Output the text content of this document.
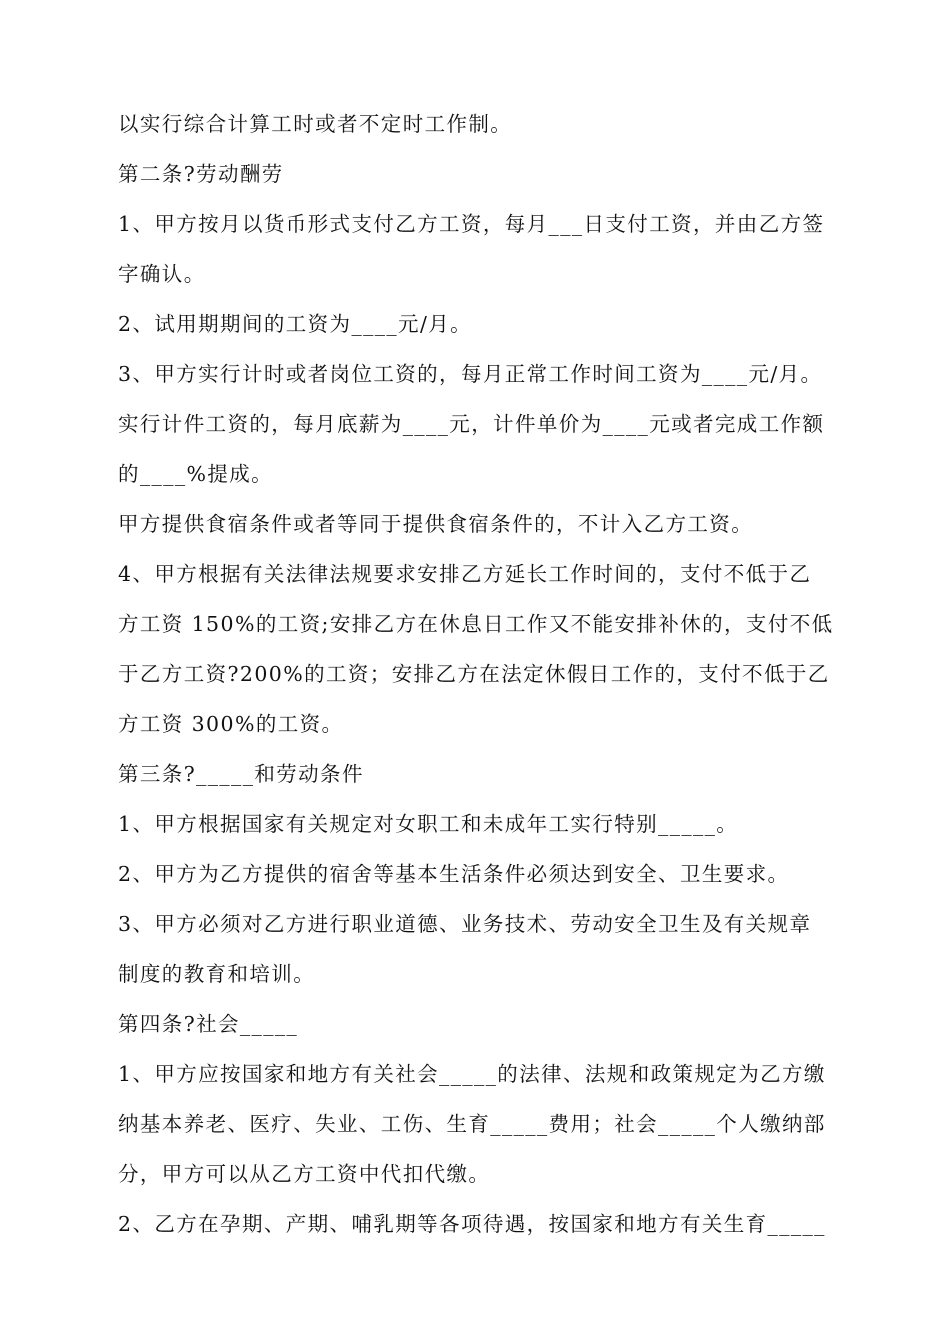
以实行综合计算工时或者不定时工作制。
第二条?劳动酬劳
1、甲方按月以货币形式支付乙方工资，每月___日支付工资，并由乙方签
字确认。
2、试用期期间的工资为____元/月。
3、甲方实行计时或者岗位工资的，每月正常工作时间工资为____元/月。
实行计件工资的，每月底薪为____元，计件单价为____元或者完成工作额
的____%提成。
甲方提供食宿条件或者等同于提供食宿条件的，不计入乙方工资。
4、甲方根据有关法律法规要求安排乙方延长工作时间的，支付不低于乙
方工资 150%的工资;安排乙方在休息日工作又不能安排补休的，支付不低
于乙方工资?200%的工资；安排乙方在法定休假日工作的，支付不低于乙
方工资 300%的工资。
第三条?_____和劳动条件
1、甲方根据国家有关规定对女职工和未成年工实行特别_____。
2、甲方为乙方提供的宿舍等基本生活条件必须达到安全、卫生要求。
3、甲方必须对乙方进行职业道德、业务技术、劳动安全卫生及有关规章
制度的教育和培训。
第四条?社会_____
1、甲方应按国家和地方有关社会_____的法律、法规和政策规定为乙方缴
纳基本养老、医疗、失业、工伤、生育_____费用；社会_____个人缴纳部
分，甲方可以从乙方工资中代扣代缴。
2、乙方在孕期、产期、哺乳期等各项待遇，按国家和地方有关生育_____
